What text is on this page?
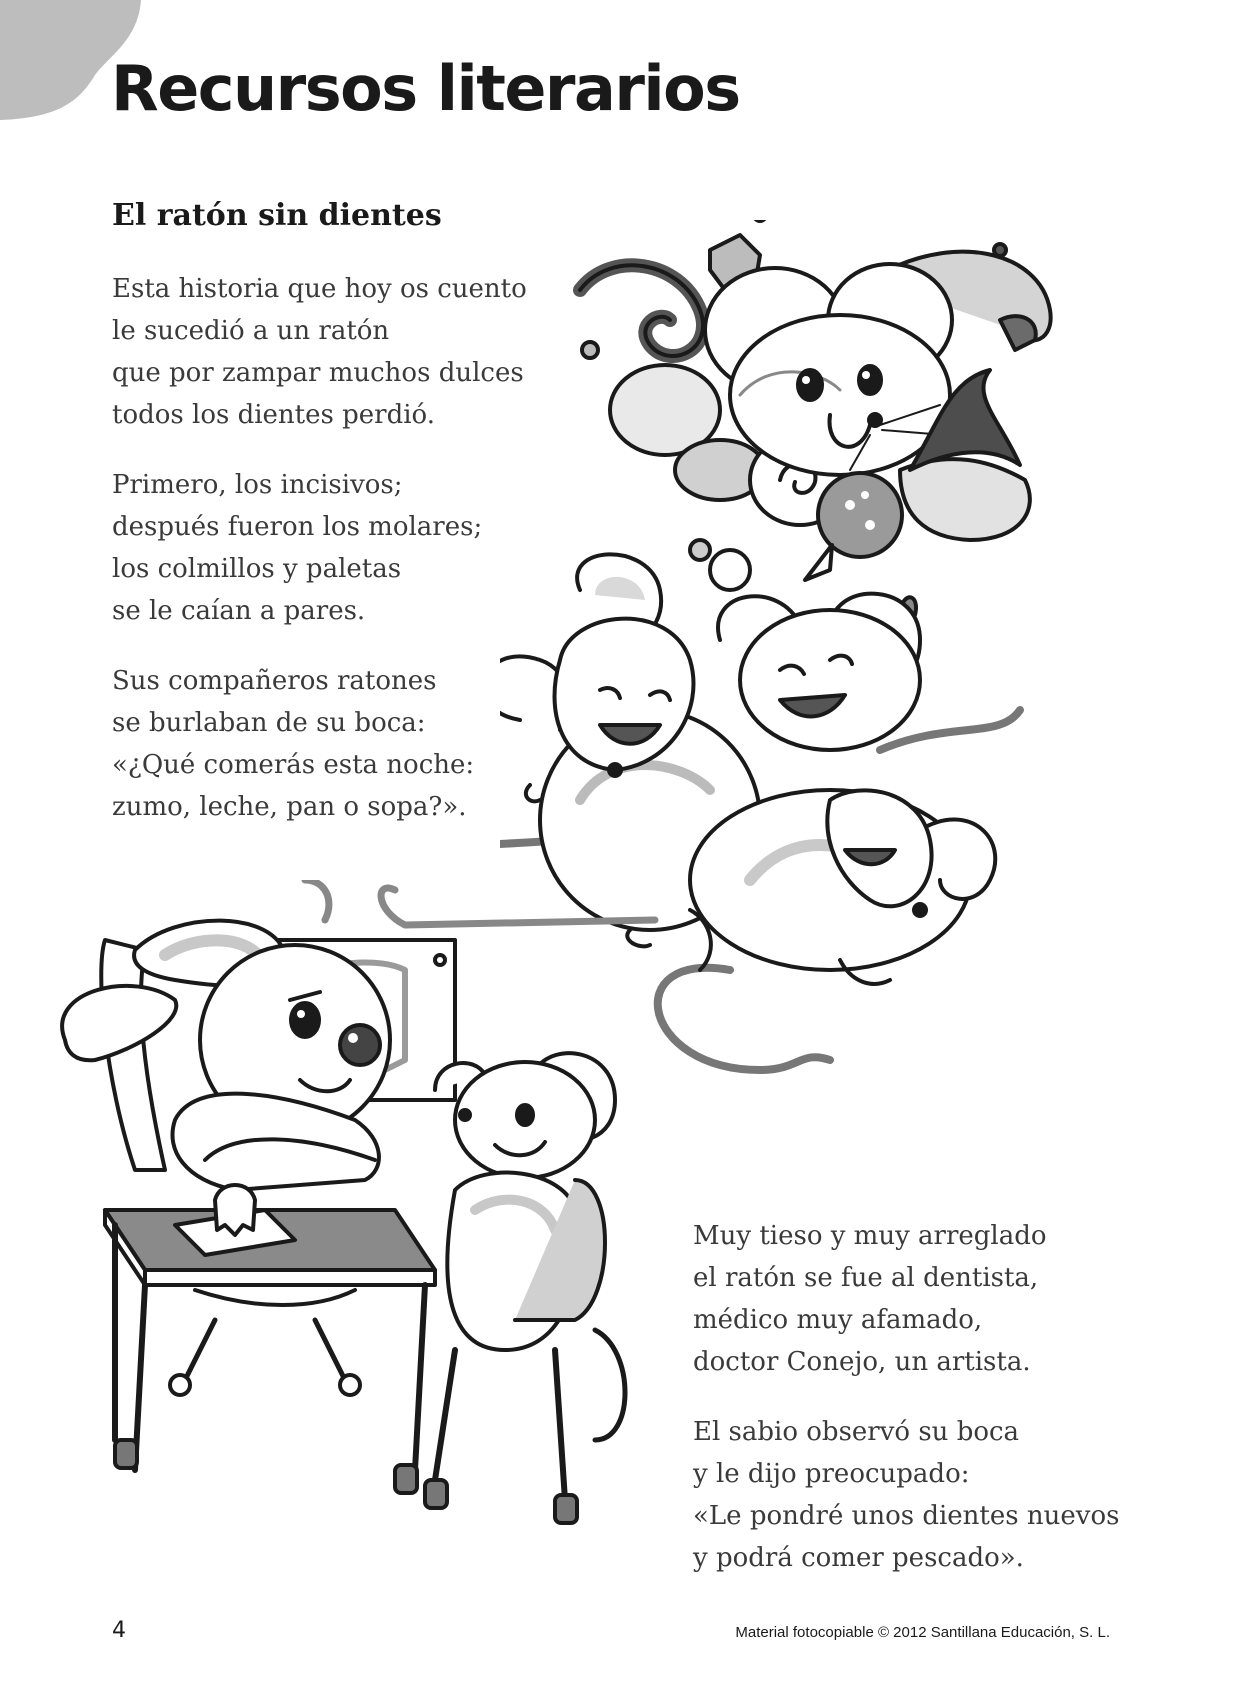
Recursos literarios
El ratón sin dientes
Esta historia que hoy os cuento
le sucedió a un ratón
que por zampar muchos dulces
todos los dientes perdió.
Primero, los incisivos;
después fueron los molares;
los colmillos y paletas
se le caían a pares.
Sus compañeros ratones
se burlaban de su boca:
«¿Qué comerás esta noche:
zumo, leche, pan o sopa?».
Muy tieso y muy arreglado
el ratón se fue al dentista,
médico muy afamado,
doctor Conejo, un artista.
El sabio observó su boca
y le dijo preocupado:
«Le pondré unos dientes nuevos
y podrá comer pescado».
4	Material fotocopiable © 2012 Santillana Educación, S. L.
